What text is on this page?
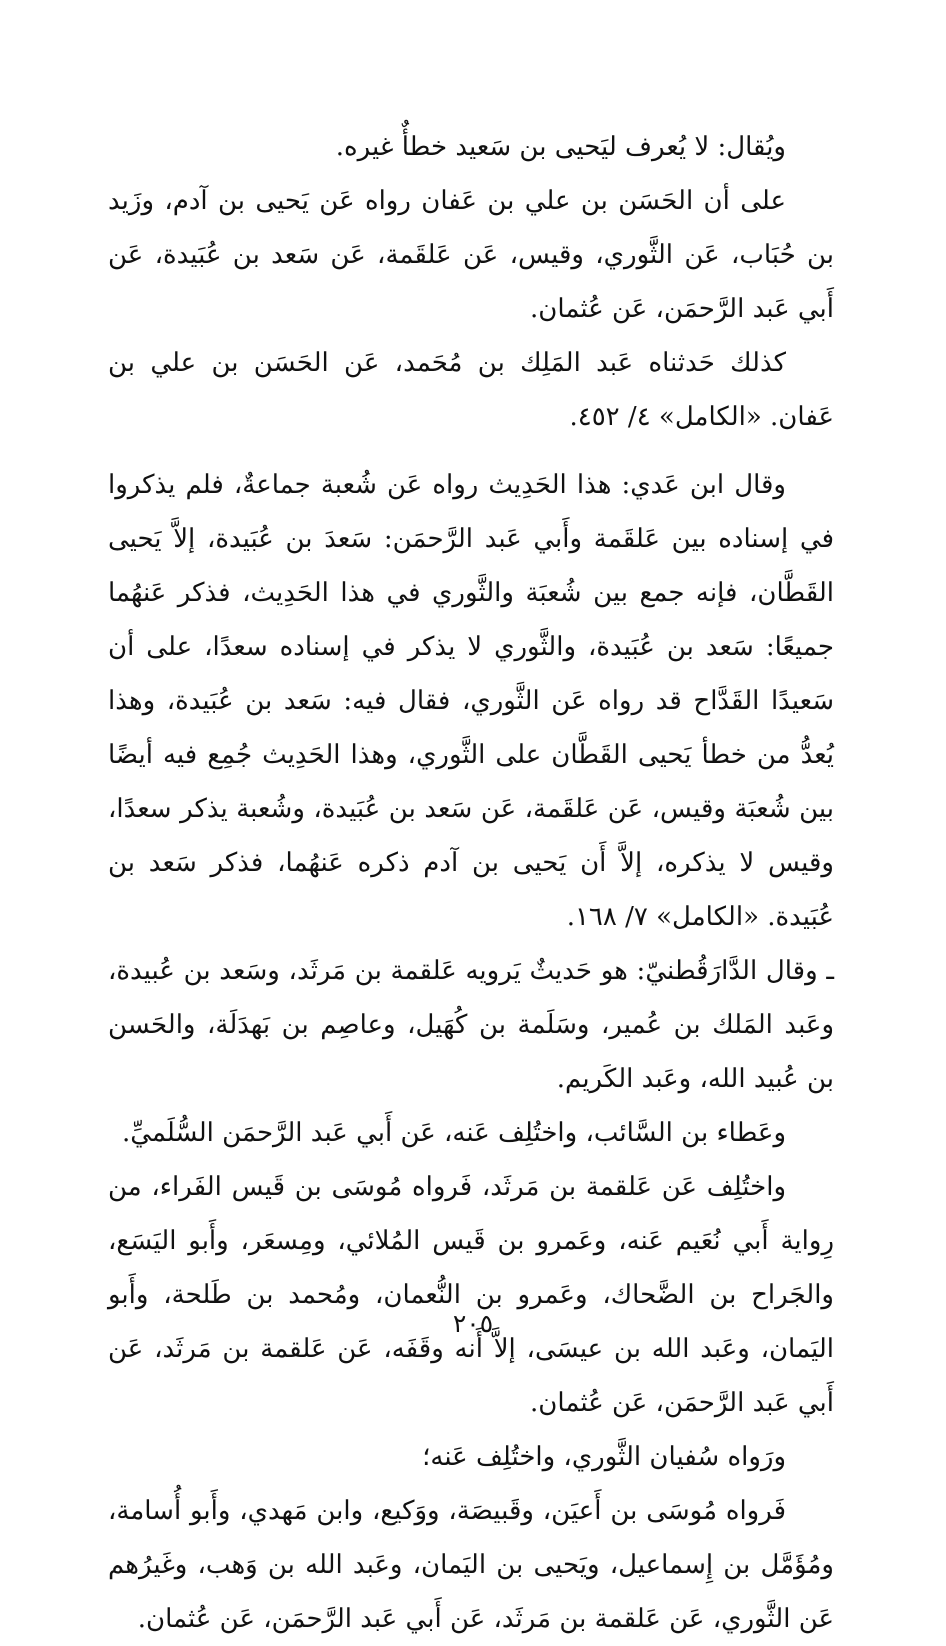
ويُقال: لا يُعرف ليَحيى بن سَعيد خطأٌ غيره.

على أن الحَسَن بن علي بن عَفان رواه عَن يَحيى بن آدم، وزَيد بن حُبَاب، عَن الثَّوري، وقيس، عَن عَلقَمة، عَن سَعد بن عُبَيدة، عَن أَبي عَبد الرَّحمَن، عَن عُثمان.

كذلك حَدثناه عَبد المَلِك بن مُحَمد، عَن الحَسَن بن علي بن عَفان. «الكامل» ٤/ ٤٥٢.

وقال ابن عَدي: هذا الحَدِيث رواه عَن شُعبة جماعةٌ، فلم يذكروا في إسناده بين عَلقَمة وأَبي عَبد الرَّحمَن: سَعدَ بن عُبَيدة، إلاَّ يَحيى القَطَّان، فإنه جمع بين شُعبَة والثَّوري في هذا الحَدِيث، فذكر عَنهُما جميعًا: سَعد بن عُبَيدة، والثَّوري لا يذكر في إسناده سعدًا، على أن سَعيدًا القَدَّاح قد رواه عَن الثَّوري، فقال فيه: سَعد بن عُبَيدة، وهذا يُعدُّ من خطأ يَحيى القَطَّان على الثَّوري، وهذا الحَدِيث جُمِع فيه أيضًا بين شُعبَة وقيس، عَن عَلقَمة، عَن سَعد بن عُبَيدة، وشُعبة يذكر سعدًا، وقيس لا يذكره، إلاَّ أَن يَحيى بن آدم ذكره عَنهُما، فذكر سَعد بن عُبَيدة. «الكامل» ٧/ ١٦٨.

ـ وقال الدَّارَقُطنيّ: هو حَديثٌ يَرويه عَلقمة بن مَرثَد، وسَعد بن عُبيدة، وعَبد المَلك بن عُمير، وسَلَمة بن كُهَيل، وعاصِم بن بَهدَلَة، والحَسن بن عُبيد الله، وعَبد الكَريم.

وعَطاء بن السَّائب، واختُلِف عَنه، عَن أَبي عَبد الرَّحمَن السُّلَميِّ.

واختُلِف عَن عَلقمة بن مَرثَد، فَرواه مُوسَى بن قَيس الفَراء، من رِواية أَبي نُعَيم عَنه، وعَمرو بن قَيس المُلائي، ومِسعَر، وأَبو اليَسَع، والجَراح بن الضَّحاك، وعَمرو بن النُّعمان، ومُحمد بن طَلحة، وأَبو اليَمان، وعَبد الله بن عيسَى، إلاَّ أَنه وقَفَه، عَن عَلقمة بن مَرثَد، عَن أَبي عَبد الرَّحمَن، عَن عُثمان.

ورَواه سُفيان الثَّوري، واختُلِف عَنه؛

فَرواه مُوسَى بن أَعيَن، وقَبيصَة، ووَكيع، وابن مَهدي، وأَبو أُسامة، ومُؤَمَّل بن إِسماعيل، ويَحيى بن اليَمان، وعَبد الله بن وَهب، وغَيرُهم عَن الثَّوري، عَن عَلقمة بن مَرثَد، عَن أَبي عَبد الرَّحمَن، عَن عُثمان.

٢٠٥
